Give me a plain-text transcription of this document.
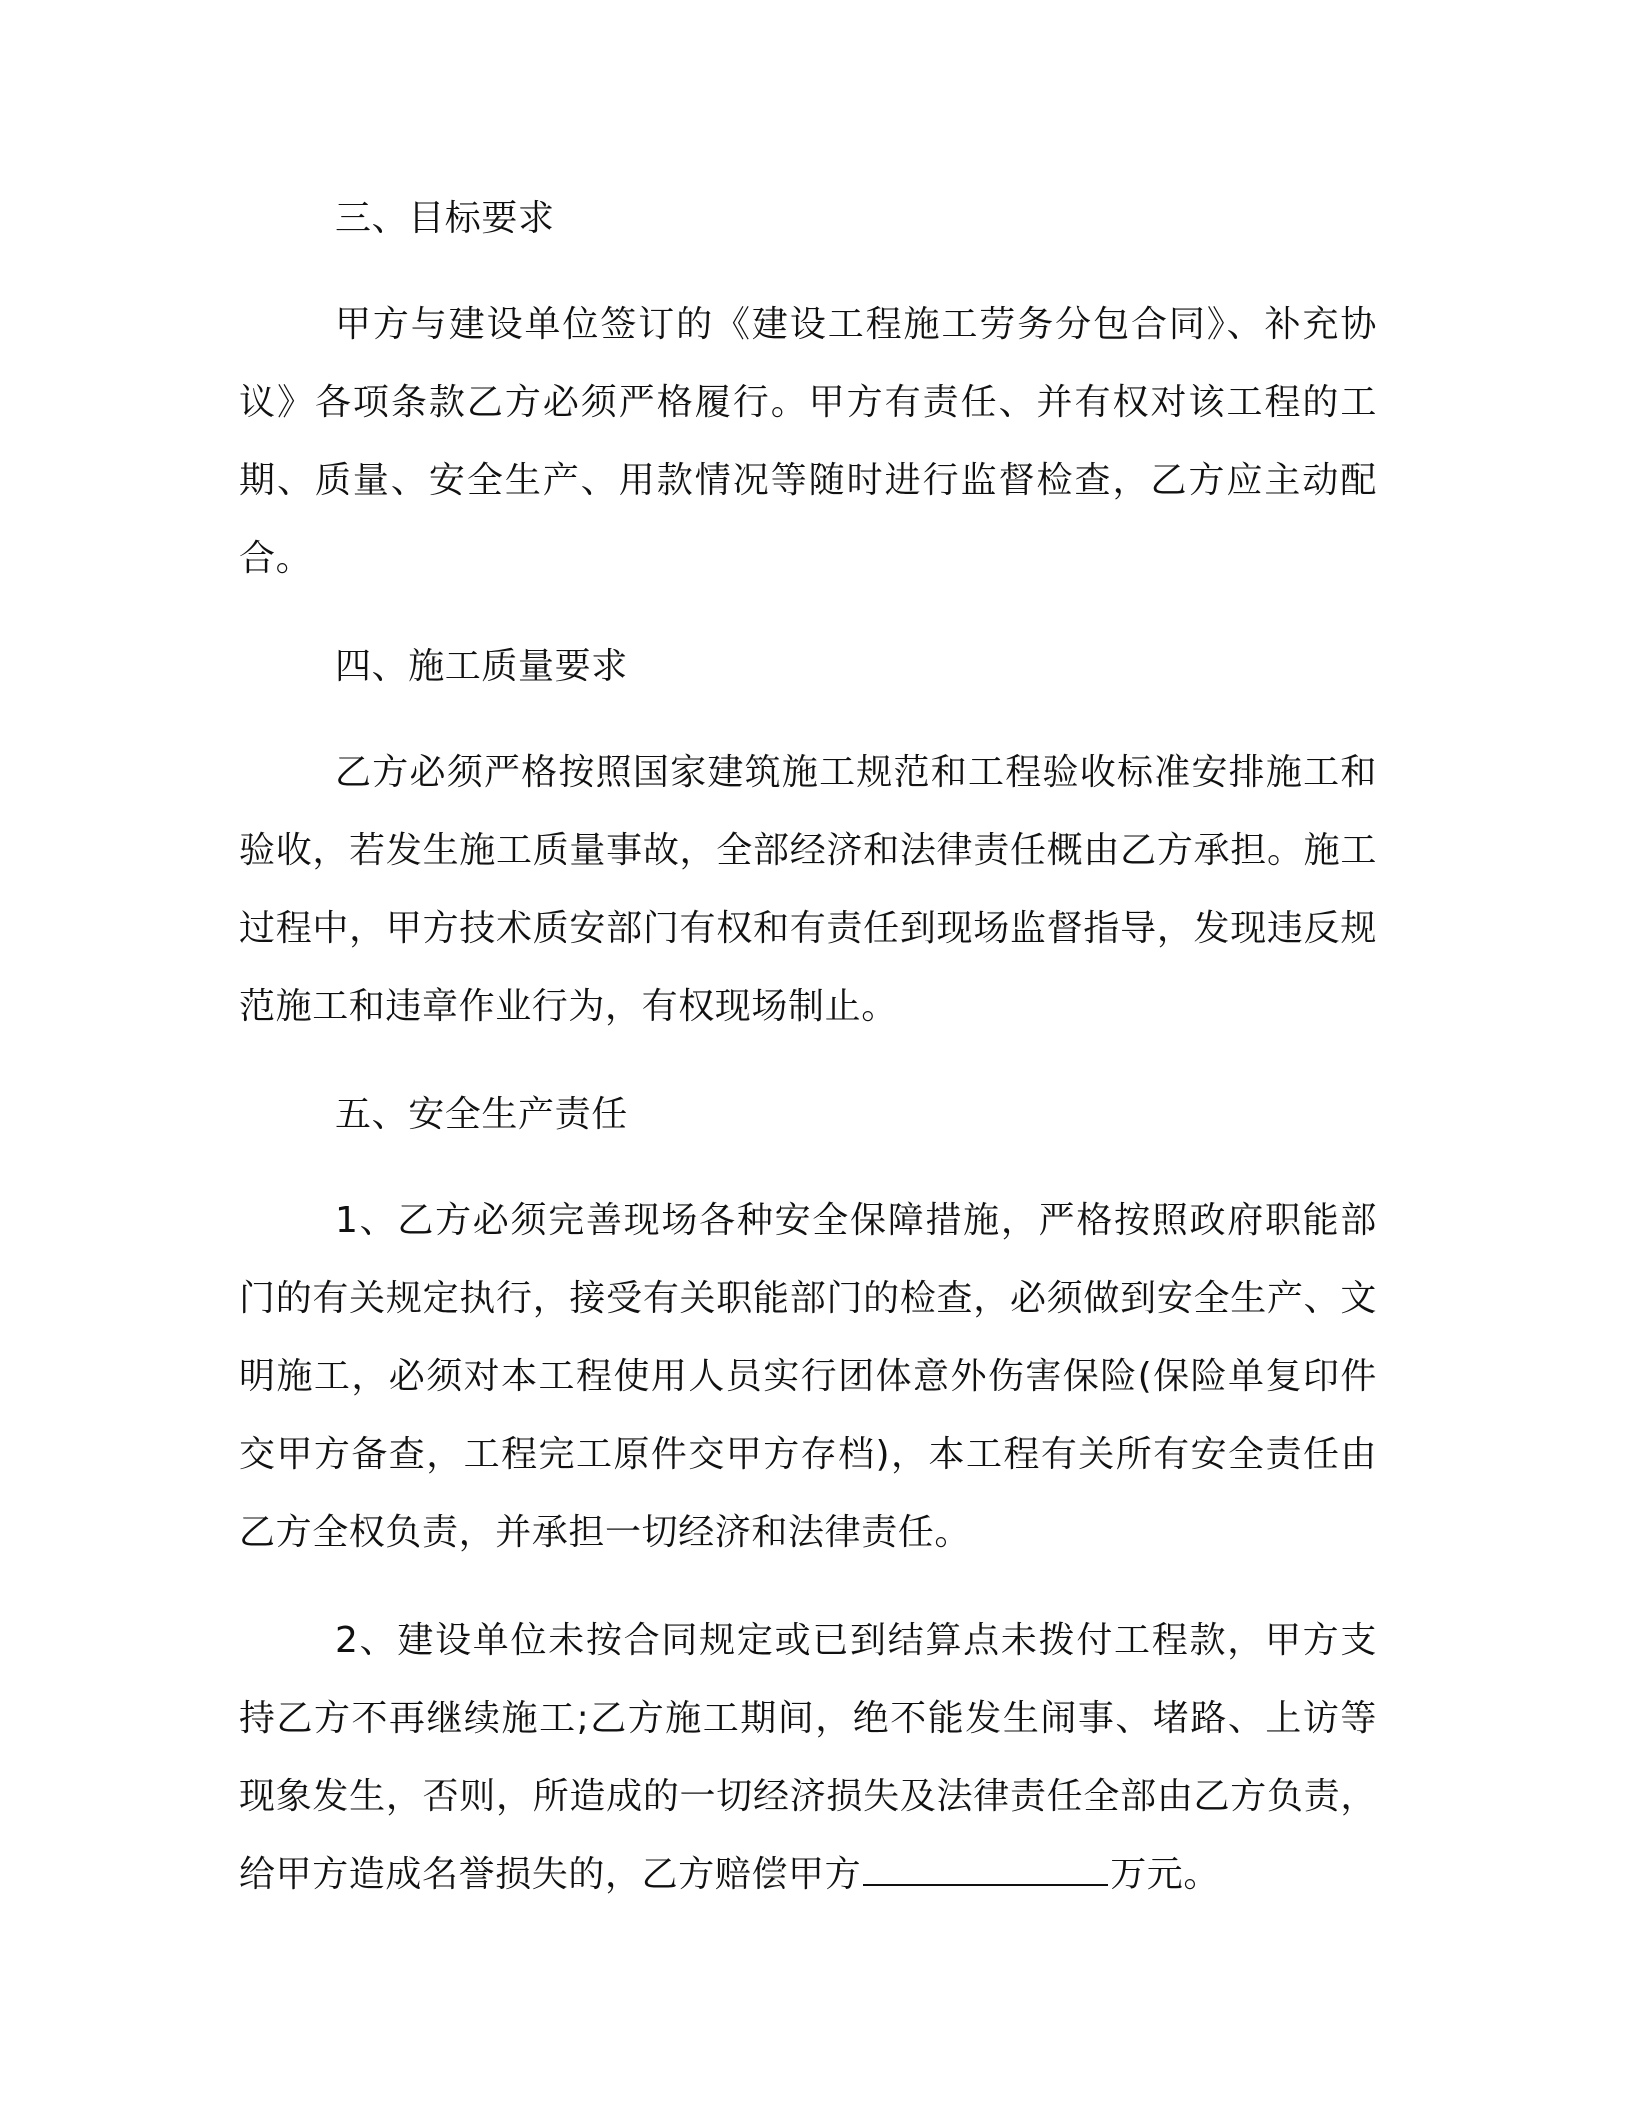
三、目标要求

甲方与建设单位签订的《建设工程施工劳务分包合同》、补充协议》各项条款乙方必须严格履行。甲方有责任、并有权对该工程的工期、质量、安全生产、用款情况等随时进行监督检查，乙方应主动配合。

四、施工质量要求

乙方必须严格按照国家建筑施工规范和工程验收标准安排施工和验收，若发生施工质量事故，全部经济和法律责任概由乙方承担。施工过程中，甲方技术质安部门有权和有责任到现场监督指导，发现违反规范施工和违章作业行为，有权现场制止。

五、安全生产责任

1、乙方必须完善现场各种安全保障措施，严格按照政府职能部门的有关规定执行，接受有关职能部门的检查，必须做到安全生产、文明施工，必须对本工程使用人员实行团体意外伤害保险(保险单复印件交甲方备查，工程完工原件交甲方存档)，本工程有关所有安全责任由乙方全权负责，并承担一切经济和法律责任。

2、建设单位未按合同规定或已到结算点未拨付工程款，甲方支持乙方不再继续施工;乙方施工期间，绝不能发生闹事、堵路、上访等现象发生，否则，所造成的一切经济损失及法律责任全部由乙方负责，给甲方造成名誉损失的，乙方赔偿甲方	万元。
